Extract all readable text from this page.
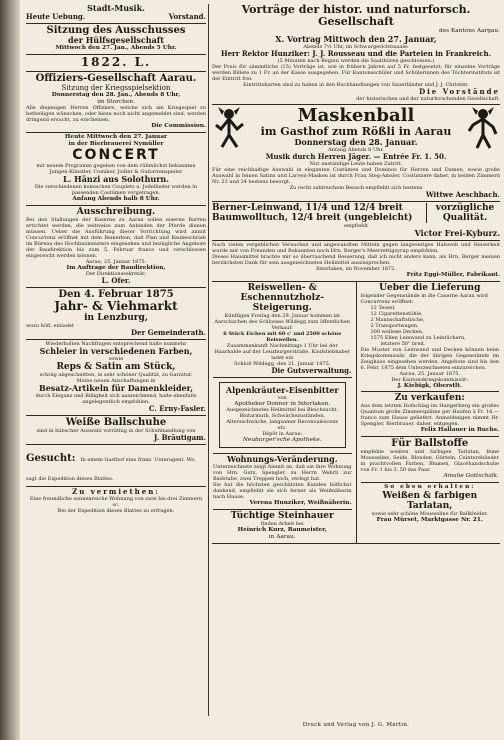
Stadt-Musik.
Heute Uebung.	Vorstand.
Sitzung des Ausschusses
der Hülfsgesellschaft
Mittwoch den 27. Jan., Abends 5 Uhr.
1822. L.
Offiziers-Gesellschaft Aarau.
Sitzung der Kriegsspielsektion
Donnerstag den 28. Jan., Abends 8 Uhr,
im Storchen.
Alle diejenigen Herren Offiziere, welche sich am Kriegsspiel zu betheiligen wünschen, oder hiezu noch nicht angemeldet sind, werden dringend ersucht, zu erscheinen.
Die Commission.
Heute Mittwoch den 27. Januar
in der Bierbrauerei Nymüller
CONCERT
mit neuem Programm gegeben von dem rühmlichst bekannten Jungen-Künstler, Comiker, Jodler & Guitarrenspieler
L. Hänzi aus Solothurn.
Die verschiedenen komischen Couplets u. Jodellieder werden in passenden Costümen vorgetragen.
Anfang Abends halb 8 Uhr.
Ausschreibung.
Bei den Stallungen der Kaserne zu Aarau sollen eiserne Barren errichtet werden, die zeitweise zum Anbinden der Pferde dienen müssen. Ueber die Ausführung dieser Vorrichtung wird anmit Concurrenz eröffnet mit dem Bemerken, daß Plan und Baubeschrieb im Büreau des Hochbaumeisters eingesehen und bezügliche Angebote der Baudirektion bis zum 5. Februar franco und verschlossen eingereicht werden können.
Aarau, 25. Januar 1875.
Im Auftrage der Baudirektion,
Der Direktionssekretär:
L. Ofer.
Den 4. Februar 1875
Jahr- & Viehmarkt
in Lenzburg,
wozu höfl. einladet
Der Gemeinderath.
Wiederholten Nachfragen entsprechend halte nunmehr
Schleier in verschiedenen Farben,
sowie
Reps & Satin am Stück,
schräg abgeschnitten, in sehr schöner Qualität, zu Garnitur.
Meine neuen Anschaffungen in
Besatz-Artikeln für Damenkleider,
durch Eleganz und Billigkeit sich auszeichnend, halte ebenfalls angelegentlich empfohlen.
C. Erny-Fasler.
Weiße Ballschuhe
sind in hübscher Auswahl vorräthig in der Schuhhandlung von
J. Bräutigam.
Gesucht: In einem Gasthof eine franz. Unteragent. Wo, sagt die Expedition dieses Blattes.
Zu vermiethen:
Eine freundliche sonnenreiche Wohnung von zwei bis drei Zimmern sc.
Bei der Expedition dieses Blattes zu erfragen.
Vorträge der histor. und naturforsch. Gesellschaft
des Kantons Aargau.
X. Vortrag Mittwoch den 27. Januar,
Abends 7½ Uhr, im Schwurgerichtssaale:
Herr Rektor Hunziker: J. J. Rousseau und die Parteien in Frankreich.
(5 Minuten nach Beginn werden die Saalthüren geschlossen.)
Der Preis für sämmtliche (15) Vorträge ist, wie in frühern Jahren auf 5 Fr. festgesetzt; für einzelne Vorträge werden Billete zu 1 Fr. an der Kasse ausgegeben. Für Kantonsschüler und Schülerinnen des Töchterinstituts ist der Eintritt frei.
Eintrittskarten sind zu haben in den Buchhandlungen von Sauerländer und J. J. Christen.
Die Vorstände
der historischen und der naturforschenden Gesellschaft.
Maskenball
im Gasthof zum Rößli in Aarau
Donnerstag den 28. Januar.
Anfang Abends 8 Uhr.
Musik durch Herren Jäger. — Entrée Fr. 1. 50.
Nur anständige Leute haben Zutritt.
Für eine reichhaltige Auswahl in eleganten Costümen und Dominos für Herren und Damen, sowie große Auswahl in feinen Satins und Larven-Masken ist durch Frau Steg-Amsler, Costümiere daher, in beiden Zimmern Nr. 23 und 24 bestens besorgt.
Zu recht zahlreichem Besuch empfiehlt sich bestens
Wittwe Aeschbach.
Berner-Leinwand, 11/4 und 12/4 breit
Baumwolltuch, 12/4 breit (ungebleicht)
vorzügliche Qualität.
empfiehlt
Victor Frei-Kyburz.
Nach vielen vergeblichen Versuchen und angewandten Mitteln gegen langwieriges Halsweh und Heiserkeit wurde mir von Freunden und Bekannten noch Hrn. Berger's Meerrettigsyrup empfohlen.
Dieses Hausmittel brachte mir so überraschend Besserung, daß ich nicht anders kann, als Hrn. Berger meinen herzlichsten Dank für sein ausgezeichnetes Heilmittel auszusprechen.
Interlaken, im November 1872.
Fritz Eggi-Müller, Fabrikant.
Reiswellen- & Eschennutzholz-Steigerung.
Künftigen Freitag den 29. Januar kommen im Aarschachen des Schlosses Wildegg zum öffentlichen Verkauf:
6 Stück Eichen mit 60 c' und 2500 schöne Reiswellen.
Zusammenkunft Nachmittags 1 Uhr bei der Haarhalde auf der Lenzburgerstraße. Kaufsliebhaber ladet ein
Schloß Wildegg, den 21. Januar 1875.
Die Gutsverwaltung.
Alpenkräuter-Eisenbitter
von
Apotheker Donner in Interlaken.
Ausgezeichnetes Heilmittel bei Bleichsucht, Blutarmuth, Schwächezuständen, Altersschwäche, langsamer Reconvalescenz etc.
Dépôt in Aarau:
Neuburger'sche Apotheke.
Wohnungs-Veränderung.
Unterzeichnete zeigt hiemit an, daß sie ihre Wohnung von Hrn. Gutz, Spengler, zu Herrn Wehrli zur Badstube, zwei Treppen hoch, verlegt hat.
Sie hat die höchsten geschätzten Kunden höflichst dankend, empfiehlt sie sich ferner als Weißnäherin nach Hause.
Verena Hunziker, Weißnäherin.
Tüchtige Steinhauer
finden Arbeit bei
Heinrich Kurz, Baumeister,
in Aarau.
Ueber die Lieferung
folgender Gegenstände in die Caserne Aarau wird Concurrenz eröffnet:
12 Tessel,
12 Cigarettenstühle,
2 Mannschaftstische,
2 Transportwagen,
300 wollene Decken,
1575 Ellen Leinwand zu Leintüchern,
letztere 50" breit.
Die Muster von Leinwand und Decken können beim Kriegskommissär, die der übrigen Gegenstände im Zeughaus eingesehen werden. Angebote sind bis den 6. Febr. 1875 dem Unterzeichneten einzureichen.
Aarau, 25. Januar 1875.
Der Kantonskriegskommissär:
J. Kiebigk, Oberstlt.
Zu verkaufen:
Aus dem letzten Hofschlag im Hungerberg ein großes Quantum große Zimmerspähne per Haufen à Fr. 16.— franco zum Hause geliefert. Anmeldungen nimmt Hr. Spengler, Bierbrauer, daher, entgegen.
Felix Hallauer in Buchs.
Für Ballstoffe
empfehle weißen und farbigen Tarlatan, feine Mousseline, Seide, Blonden, Gürteln, Ceinturebänder in prachtvollen Farben, Blumen, Glacéhandschuhe von Fr. 1 bis 3. 50 das Paar.
Amalie Gottschalk.
So eben erhalten:
Weißen & farbigen Tarlatan,
sowie sehr schöne Mousseline für Ballkleider.
Frau Mürset, Marktgasse Nr. 21.
Druck und Verlag von J. G. Martin.
